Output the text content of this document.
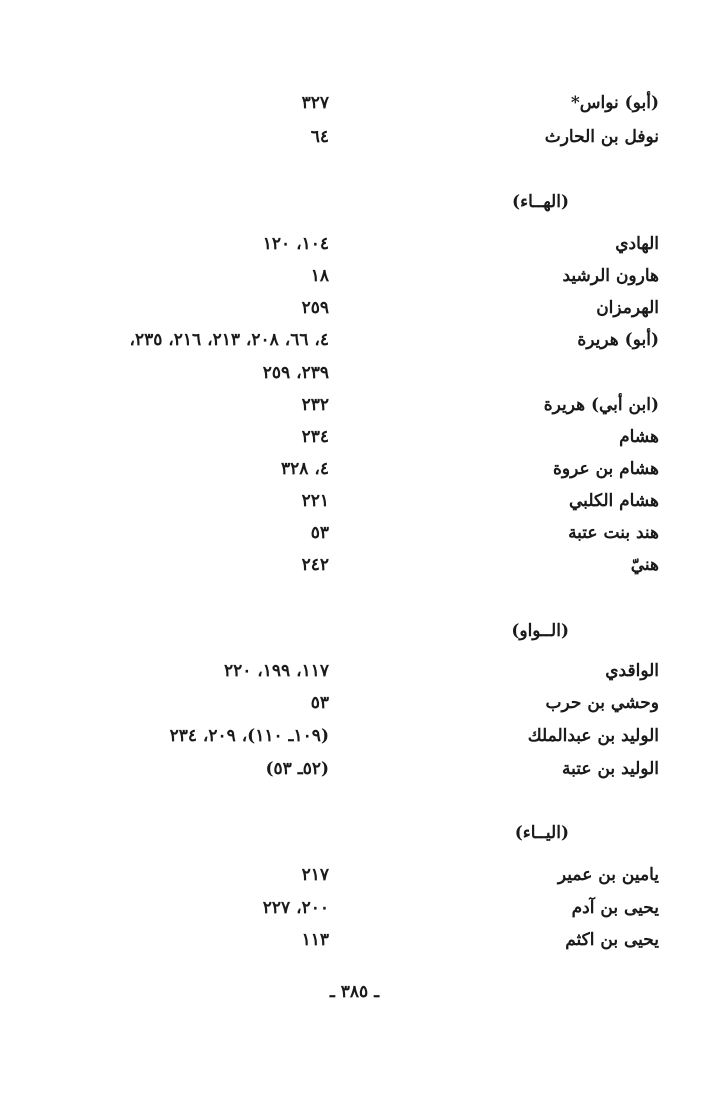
(أبو) نواس*
٣٢٧
نوفل بن الحارث
٦٤
(الهــاء)
الهادي
١٠٤، ١٢٠
هارون الرشيد
١٨
الهرمزان
٢٥٩
(أبو) هريرة
٤، ٦٦، ٢٠٨، ٢١٣، ٢١٦، ٢٣٥،
٢٣٩، ٢٥٩
(ابن أبي) هريرة
٢٣٢
هشام
٢٣٤
هشام بن عروة
٤، ٣٢٨
هشام الكلبي
٢٢١
هند بنت عتبة
٥٣
هنيّ
٢٤٢
(الــواو)
الواقدي
١١٧، ١٩٩، ٢٢٠
وحشي بن حرب
٥٣
الوليد بن عبدالملك
(١٠٩ـ ١١٠)، ٢٠٩، ٢٣٤
الوليد بن عتبة
(٥٢ـ ٥٣)
(اليــاء)
يامين بن عمير
٢١٧
يحيى بن آدم
٢٠٠، ٢٢٧
يحيى بن اكثم
١١٣
ـ ٣٨٥ ـ
